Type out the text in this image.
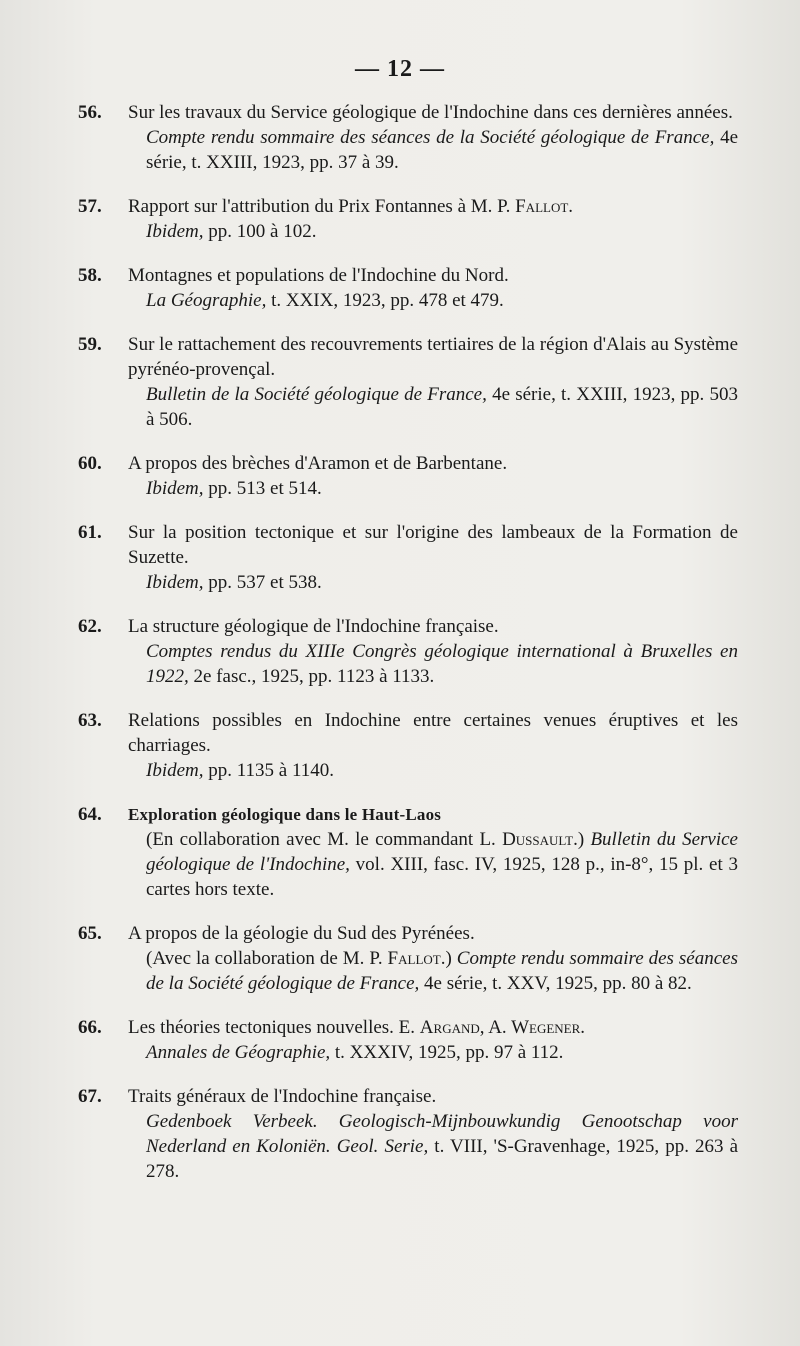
— 12 —
56.	Sur les travaux du Service géologique de l'Indochine dans ces dernières années.
Compte rendu sommaire des séances de la Société géologique de France, 4e série, t. XXIII, 1923, pp. 37 à 39.
57.	Rapport sur l'attribution du Prix Fontannes à M. P. Fallot.
Ibidem, pp. 100 à 102.
58.	Montagnes et populations de l'Indochine du Nord.
La Géographie, t. XXIX, 1923, pp. 478 et 479.
59.	Sur le rattachement des recouvrements tertiaires de la région d'Alais au Système pyrénéo-provençal.
Bulletin de la Société géologique de France, 4e série, t. XXIII, 1923, pp. 503 à 506.
60.	A propos des brèches d'Aramon et de Barbentane.
Ibidem, pp. 513 et 514.
61.	Sur la position tectonique et sur l'origine des lambeaux de la Formation de Suzette.
Ibidem, pp. 537 et 538.
62.	La structure géologique de l'Indochine française.
Comptes rendus du XIIIe Congrès géologique international à Bruxelles en 1922, 2e fasc., 1925, pp. 1123 à 1133.
63.	Relations possibles en Indochine entre certaines venues éruptives et les charriages.
Ibidem, pp. 1135 à 1140.
64.	Exploration géologique dans le Haut-Laos
(En collaboration avec M. le commandant L. Dussault.) Bulletin du Service géologique de l'Indochine, vol. XIII, fasc. IV, 1925, 128 p., in-8°, 15 pl. et 3 cartes hors texte.
65.	A propos de la géologie du Sud des Pyrénées.
(Avec la collaboration de M. P. Fallot.) Compte rendu sommaire des séances de la Société géologique de France, 4e série, t. XXV, 1925, pp. 80 à 82.
66.	Les théories tectoniques nouvelles. E. Argand, A. Wegener.
Annales de Géographie, t. XXXIV, 1925, pp. 97 à 112.
67.	Traits généraux de l'Indochine française.
Gedenboek Verbeek. Geologisch-Mijnbouwkundig Genootschap voor Nederland en Koloniën. Geol. Serie, t. VIII, 'S-Gravenhage, 1925, pp. 263 à 278.
